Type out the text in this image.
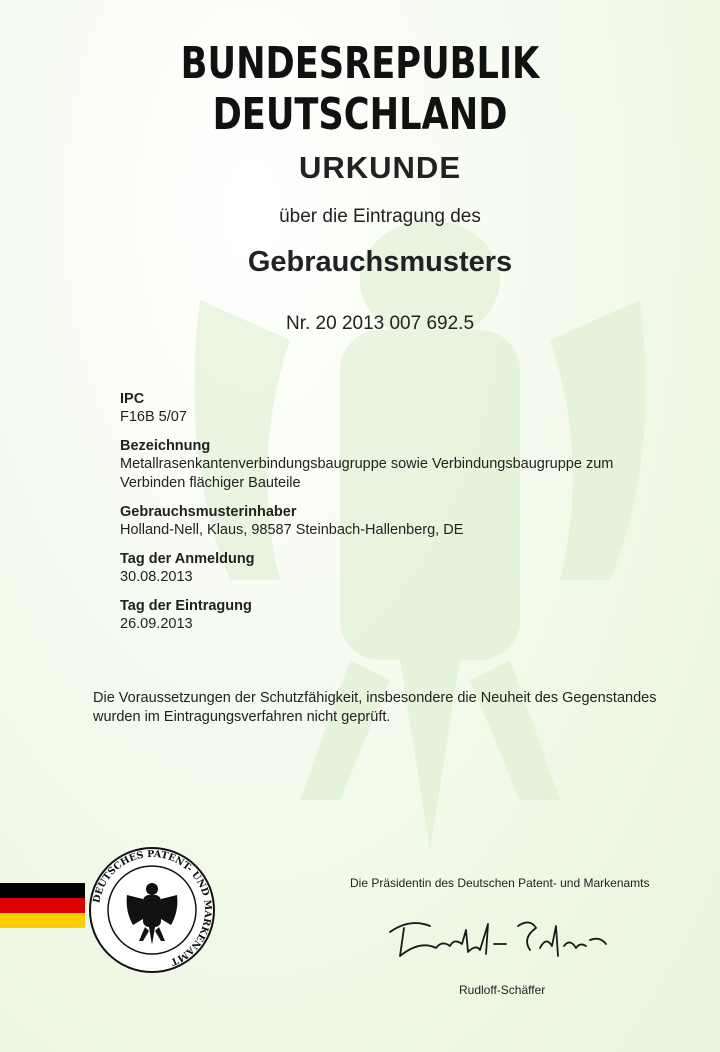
BUNDESREPUBLIK DEUTSCHLAND
URKUNDE
über die Eintragung des
Gebrauchsmusters
Nr. 20 2013 007 692.5
IPC
F16B 5/07
Bezeichnung
Metallrasenkantenverbindungsbaugruppe sowie Verbindungsbaugruppe zum
Verbinden flächiger Bauteile
Gebrauchsmusterinhaber
Holland-Nell, Klaus, 98587 Steinbach-Hallenberg, DE
Tag der Anmeldung
30.08.2013
Tag der Eintragung
26.09.2013
Die Voraussetzungen der Schutzfähigkeit, insbesondere die Neuheit des Gegenstandes
wurden im Eintragungsverfahren nicht geprüft.
DEUTSCHES PATENT- UND MARKENAMT
Die Präsidentin des Deutschen Patent- und Markenamts
Rudloff-Schäffer
